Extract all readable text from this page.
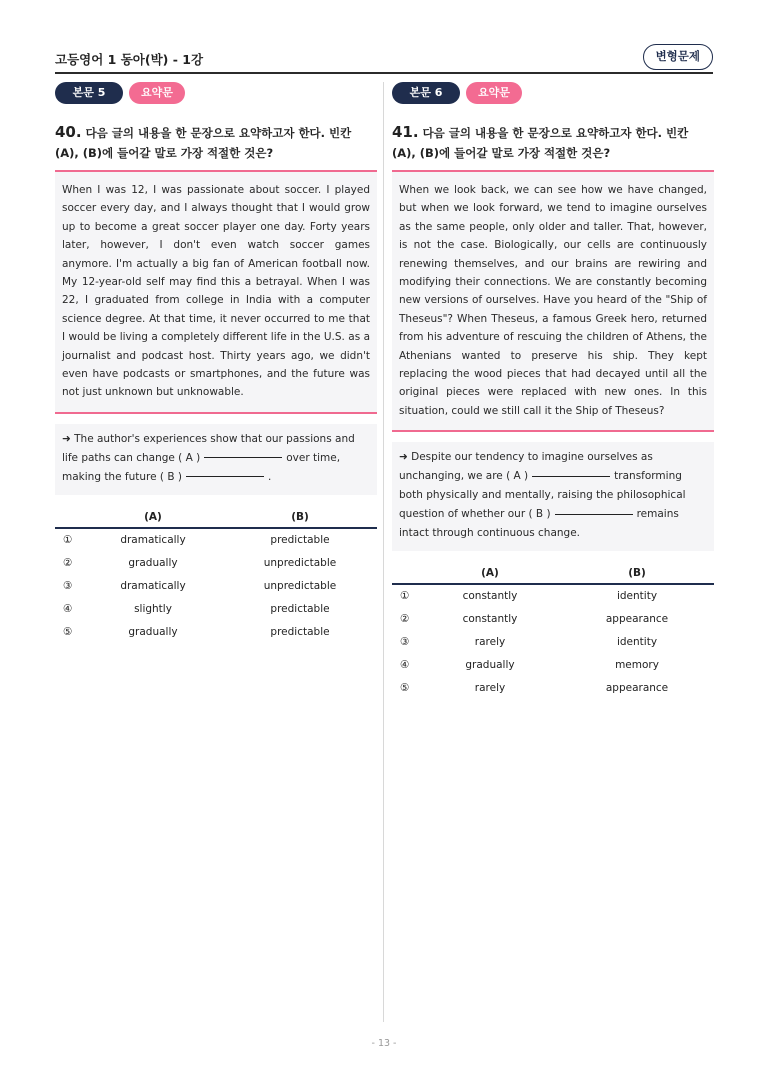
고등영어 1 동아(박) - 1강	변형문제
본문 5	요약문
40. 다음 글의 내용을 한 문장으로 요약하고자 한다. 빈칸 (A), (B)에 들어갈 말로 가장 적절한 것은?
When I was 12, I was passionate about soccer. I played soccer every day, and I always thought that I would grow up to become a great soccer player one day. Forty years later, however, I don't even watch soccer games anymore. I'm actually a big fan of American football now. My 12-year-old self may find this a betrayal. When I was 22, I graduated from college in India with a computer science degree. At that time, it never occurred to me that I would be living a completely different life in the U.S. as a journalist and podcast host. Thirty years ago, we didn't even have podcasts or smartphones, and the future was not just unknown but unknowable.
➜ The author's experiences show that our passions and life paths can change ( A )	over time, making the future ( B )	.
(A)	(B)
①	dramatically	predictable
②	gradually	unpredictable
③	dramatically	unpredictable
④	slightly	predictable
⑤	gradually	predictable
본문 6	요약문
41. 다음 글의 내용을 한 문장으로 요약하고자 한다. 빈칸 (A), (B)에 들어갈 말로 가장 적절한 것은?
When we look back, we can see how we have changed, but when we look forward, we tend to imagine ourselves as the same people, only older and taller. That, however, is not the case. Biologically, our cells are continuously renewing themselves, and our brains are rewiring and modifying their connections. We are constantly becoming new versions of ourselves. Have you heard of the "Ship of Theseus"? When Theseus, a famous Greek hero, returned from his adventure of rescuing the children of Athens, the Athenians wanted to preserve his ship. They kept replacing the wood pieces that had decayed until all the original pieces were replaced with new ones. In this situation, could we still call it the Ship of Theseus?
➜ Despite our tendency to imagine ourselves as unchanging, we are ( A )	transforming both physically and mentally, raising the philosophical question of whether our ( B )	remains intact through continuous change.
(A)	(B)
①	constantly	identity
②	constantly	appearance
③	rarely	identity
④	gradually	memory
⑤	rarely	appearance
- 13 -
